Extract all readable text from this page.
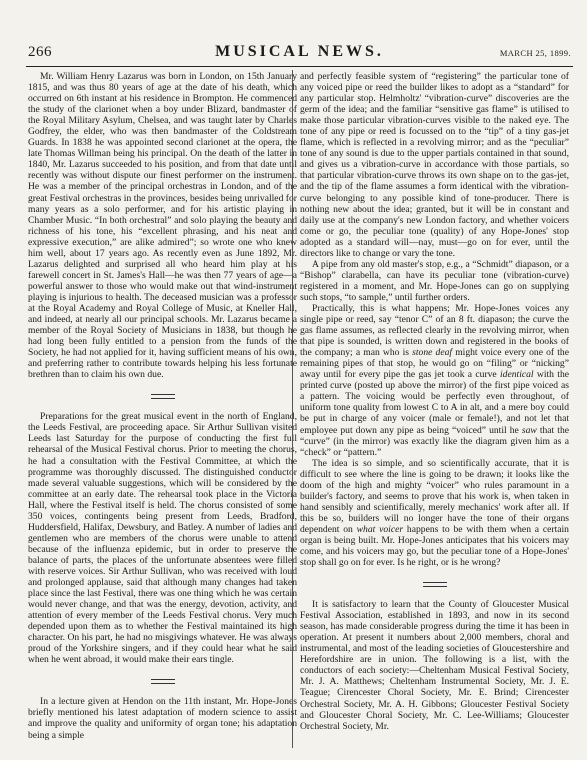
266	MUSICAL NEWS.	MARCH 25, 1899.

Mr. William Henry Lazarus was born in London, on 15th January 1815, and was thus 80 years of age at the date of his death, which occurred on 6th instant at his residence in Brompton. He commenced the study of the clarionet when a boy under Blizard, bandmaster of the Royal Military Asylum, Chelsea, and was taught later by Charles Godfrey, the elder, who was then bandmaster of the Coldstream Guards. In 1838 he was appointed second clarionet at the opera, the late Thomas Willman being his principal. On the death of the latter in 1840, Mr. Lazarus succeeded to his position, and from that date until recently was without dispute our finest performer on the instrument. He was a member of the principal orchestras in London, and of the great Festival orchestras in the provinces, besides being unrivalled for many years as a solo performer, and for his artistic playing in Chamber Music. “In both orchestral” and solo playing the beauty and richness of his tone, his “excellent phrasing, and his neat and expressive execution,” are alike admired”; so wrote one who knew him well, about 17 years ago. As recently even as June 1892, Mr. Lazarus delighted and surprised all who heard him play at his farewell concert in St. James's Hall—he was then 77 years of age—a powerful answer to those who would make out that wind-instrument playing is injurious to health. The deceased musician was a professor at the Royal Academy and Royal College of Music, at Kneller Hall, and indeed, at nearly all our principal schools. Mr. Lazarus became a member of the Royal Society of Musicians in 1838, but though he had long been fully entitled to a pension from the funds of the Society, he had not applied for it, having sufficient means of his own, and preferring rather to contribute towards helping his less fortunate brethren than to claim his own due.

Preparations for the great musical event in the north of England, the Leeds Festival, are proceeding apace. Sir Arthur Sullivan visited Leeds last Saturday for the purpose of conducting the first full rehearsal of the Musical Festival chorus. Prior to meeting the chorus, he had a consultation with the Festival Committee, at which the programme was thoroughly discussed. The distinguished conductor made several valuable suggestions, which will be considered by the committee at an early date. The rehearsal took place in the Victoria Hall, where the Festival itself is held. The chorus consisted of some 350 voices, contingents being present from Leeds, Bradford, Huddersfield, Halifax, Dewsbury, and Batley. A number of ladies and gentlemen who are members of the chorus were unable to attend because of the influenza epidemic, but in order to preserve the balance of parts, the places of the unfortunate absentees were filled with reserve voices. Sir Arthur Sullivan, who was received with loud and prolonged applause, said that although many changes had taken place since the last Festival, there was one thing which he was certain would never change, and that was the energy, devotion, activity, and attention of every member of the Leeds Festival chorus. Very much depended upon them as to whether the Festival maintained its high character. On his part, he had no misgivings whatever. He was always proud of the Yorkshire singers, and if they could hear what he said when he went abroad, it would make their ears tingle.

In a lecture given at Hendon on the 11th instant, Mr. Hope-Jones briefly mentioned his latest adaptation of modern science to assist and improve the quality and uniformity of organ tone; his adaptation being a simple

and perfectly feasible system of “registering” the particular tone of any voiced pipe or reed the builder likes to adopt as a “standard” for any particular stop. Helmholtz' “vibration-curve” discoveries are the germ of the idea; and the familiar “sensitive gas flame” is utilised to make those particular vibration-curves visible to the naked eye. The tone of any pipe or reed is focussed on to the “tip” of a tiny gas-jet flame, which is reflected in a revolving mirror; and as the “peculiar” tone of any sound is due to the upper partials contained in that sound, and gives us a vibration-curve in accordance with those partials, so that particular vibration-curve throws its own shape on to the gas-jet, and the tip of the flame assumes a form identical with the vibration-curve belonging to any possible kind of tone-producer. There is nothing new about the idea; granted, but it will be in constant and daily use at the company's new London factory, and whether voicers come or go, the peculiar tone (quality) of any Hope-Jones' stop adopted as a standard will—nay, must—go on for ever, until the directors like to change or vary the tone.

A pipe from any old master's stop, e.g., a “Schmidt” diapason, or a “Bishop” clarabella, can have its peculiar tone (vibration-curve) registered in a moment, and Mr. Hope-Jones can go on supplying such stops, “to sample,” until further orders.

Practically, this is what happens; Mr. Hope-Jones voices any single pipe or reed, say “tenor C” of an 8 ft. diapason; the curve the gas flame assumes, as reflected clearly in the revolving mirror, when that pipe is sounded, is written down and registered in the books of the company; a man who is stone deaf might voice every one of the remaining pipes of that stop, he would go on “filing” or “nicking” away until for every pipe the gas jet took a curve identical with the printed curve (posted up above the mirror) of the first pipe voiced as a pattern. The voicing would be perfectly even throughout, of uniform tone quality from lowest C to A in alt, and a mere boy could be put in charge of any voicer (male or female!), and not let that employee put down any pipe as being “voiced” until he saw that the “curve” (in the mirror) was exactly like the diagram given him as a “check” or “pattern.”

The idea is so simple, and so scientifically accurate, that it is difficult to see where the line is going to be drawn; it looks like the doom of the high and mighty “voicer” who rules paramount in a builder's factory, and seems to prove that his work is, when taken in hand sensibly and scientifically, merely mechanics' work after all. If this be so, builders will no longer have the tone of their organs dependent on what voicer happens to be with them when a certain organ is being built. Mr. Hope-Jones anticipates that his voicers may come, and his voicers may go, but the peculiar tone of a Hope-Jones' stop shall go on for ever. Is he right, or is he wrong?

It is satisfactory to learn that the County of Gloucester Musical Festival Association, established in 1893, and now in its second season, has made considerable progress during the time it has been in operation. At present it numbers about 2,000 members, choral and instrumental, and most of the leading societies of Gloucestershire and Herefordshire are in union. The following is a list, with the conductors of each society:—Cheltenham Musical Festival Society, Mr. J. A. Matthews; Cheltenham Instrumental Society, Mr. J. E. Teague; Cirencester Choral Society, Mr. E. Brind; Cirencester Orchestral Society, Mr. A. H. Gibbons; Gloucester Festival Society and Gloucester Choral Society, Mr. C. Lee-Williams; Gloucester Orchestral Society, Mr.
